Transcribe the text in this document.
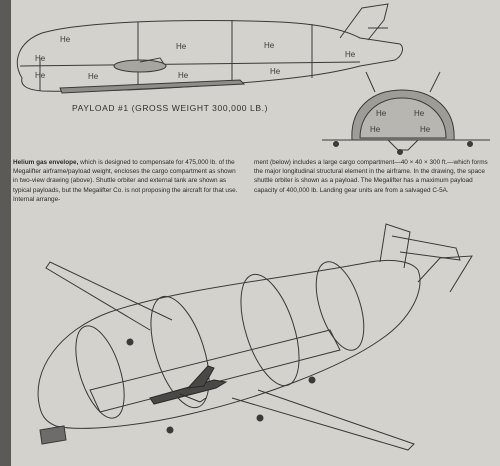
He
He	He
He
He
He	He	He	He
He	He
He	He
PAYLOAD #1 (GROSS WEIGHT 300,000 LB.)
Helium gas envelope, which is designed to compensate for 475,000 lb. of the Megalifter airframe/payload weight, encloses the cargo compartment as shown in two-view drawing (above). Shuttle orbiter and external tank are shown as typical payloads, but the Megalifter Co. is not proposing the aircraft for that use. Internal arrange-
ment (below) includes a large cargo compartment—40 × 40 × 300 ft.—which forms the major longitudinal structural element in the airframe. In the drawing, the space shuttle orbiter is shown as a payload. The Megalifter has a maximum payload capacity of 400,000 lb. Landing gear units are from a salvaged C-5A.
